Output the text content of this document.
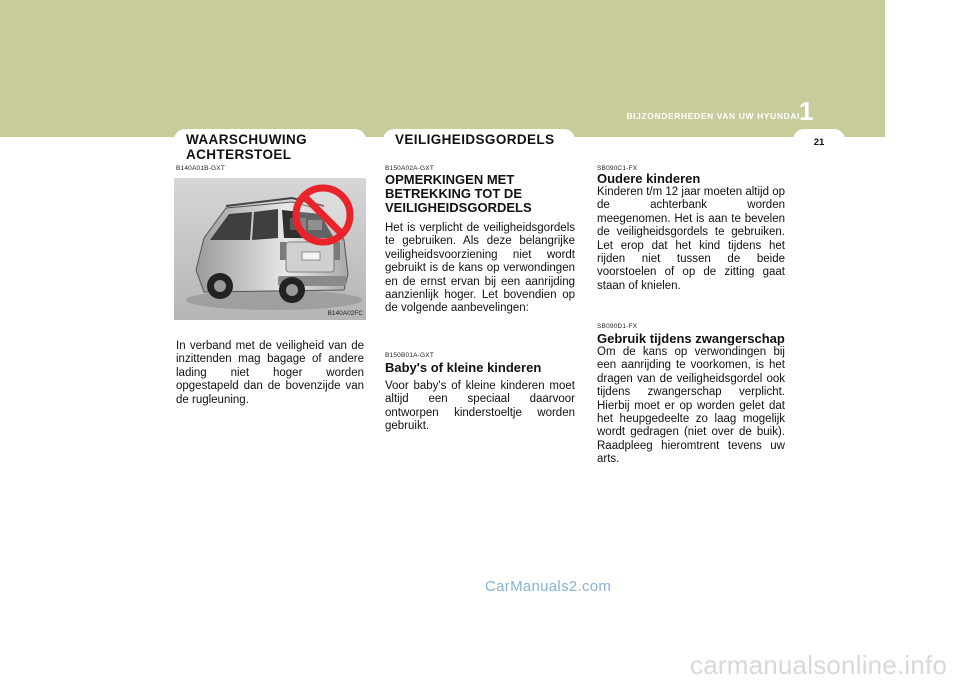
BIJZONDERHEDEN VAN UW HYUNDAI 1
21
WAARSCHUWING ACHTERSTOEL
VEILIGHEIDSGORDELS
B140A01B-GXT
B140A02FC

In verband met de veiligheid van de inzittenden mag bagage of andere lading niet hoger worden opgestapeld dan de bovenzijde van de rugleuning.

B150A02A-GXT

OPMERKINGEN MET BETREKKING TOT DE VEILIGHEIDSGORDELS

Het is verplicht de veiligheidsgordels te gebruiken. Als deze belangrijke veiligheidsvoorziening niet wordt gebruikt is de kans op verwondingen en de ernst ervan bij een aanrijding aanzienlijk hoger. Let bovendien op de volgende aanbevelingen:

B150B01A-GXT

Baby's of kleine kinderen

Voor baby's of kleine kinderen moet altijd een speciaal daarvoor ontworpen kinderstoeltje worden gebruikt.

SB090C1-FX

Oudere kinderen

Kinderen t/m 12 jaar moeten altijd op de achterbank worden meegenomen. Het is aan te bevelen de veiligheidsgordels te gebruiken. Let erop dat het kind tijdens het rijden niet tussen de beide voorstoelen of op de zitting gaat staan of knielen.

SB090D1-FX

Gebruik tijdens zwangerschap

Om de kans op verwondingen bij een aanrijding te voorkomen, is het dragen van de veiligheidsgordel ook tijdens zwangerschap verplicht. Hierbij moet er op worden gelet dat het heupgedeelte zo laag mogelijk wordt gedragen (niet over de buik). Raadpleeg hieromtrent tevens uw arts.

CarManuals2.com
carmanualsonline.info
